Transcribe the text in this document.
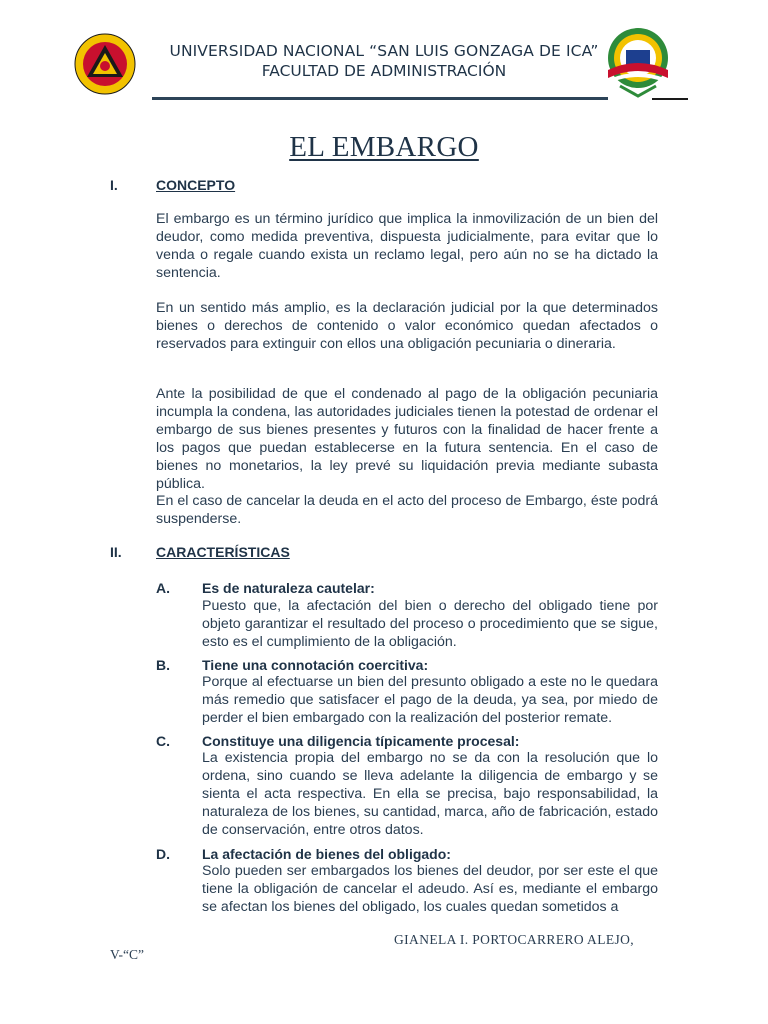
UNIVERSIDAD NACIONAL “SAN LUIS GONZAGA DE ICA”
FACULTAD DE ADMINISTRACIÓN
EL EMBARGO
I.	CONCEPTO
El embargo es un término jurídico que implica la inmovilización de un bien del deudor, como medida preventiva, dispuesta judicialmente, para evitar que lo venda o regale cuando exista un reclamo legal, pero aún no se ha dictado la sentencia.
En un sentido más amplio, es la declaración judicial por la que determinados bienes o derechos de contenido o valor económico quedan afectados o reservados para extinguir con ellos una obligación pecuniaria o dineraria.
Ante la posibilidad de que el condenado al pago de la obligación pecuniaria incumpla la condena, las autoridades judiciales tienen la potestad de ordenar el embargo de sus bienes presentes y futuros con la finalidad de hacer frente a los pagos que puedan establecerse en la futura sentencia. En el caso de bienes no monetarios, la ley prevé su liquidación previa mediante subasta pública.
En el caso de cancelar la deuda en el acto del proceso de Embargo, éste podrá suspenderse.
II. CARACTERÍSTICAS
A. Es de naturaleza cautelar:
Puesto que, la afectación del bien o derecho del obligado tiene por objeto garantizar el resultado del proceso o procedimiento que se sigue, esto es el cumplimiento de la obligación.
B. Tiene una connotación coercitiva:
Porque al efectuarse un bien del presunto obligado a este no le quedara más remedio que satisfacer el pago de la deuda, ya sea, por miedo de perder el bien embargado con la realización del posterior remate.
C. Constituye una diligencia típicamente procesal:
La existencia propia del embargo no se da con la resolución que lo ordena, sino cuando se lleva adelante la diligencia de embargo y se sienta el acta respectiva. En ella se precisa, bajo responsabilidad, la naturaleza de los bienes, su cantidad, marca, año de fabricación, estado de conservación, entre otros datos.
D. La afectación de bienes del obligado:
Solo pueden ser embargados los bienes del deudor, por ser este el que tiene la obligación de cancelar el adeudo. Así es, mediante el embargo se afectan los bienes del obligado, los cuales quedan sometidos a
GIANELA I. PORTOCARRERO ALEJO,
V-“C”
